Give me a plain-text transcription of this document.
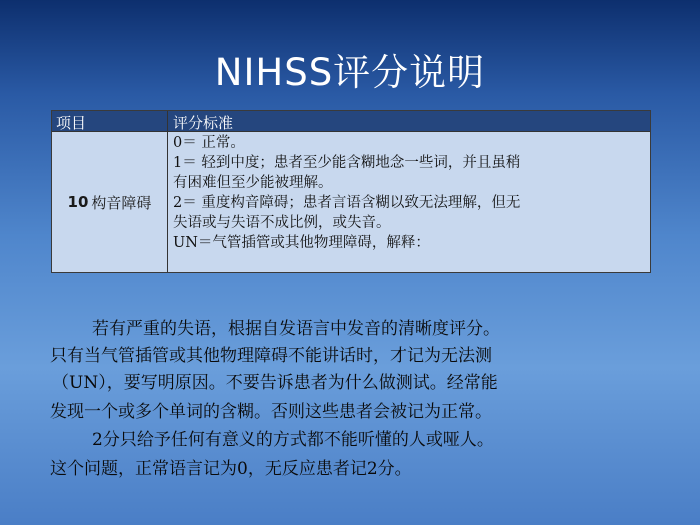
NIHSS评分说明
项目	评分标准
10 构音障碍
0＝ 正常。
1＝ 轻到中度；患者至少能含糊地念一些词，并且虽稍
有困难但至少能被理解。
2＝ 重度构音障碍；患者言语含糊以致无法理解，但无
失语或与失语不成比例，或失音。
UN＝气管插管或其他物理障碍，解释：
若有严重的失语，根据自发语言中发音的清晰度评分。
只有当气管插管或其他物理障碍不能讲话时，才记为无法测
（UN），要写明原因。不要告诉患者为什么做测试。经常能
发现一个或多个单词的含糊。否则这些患者会被记为正常。
2分只给予任何有意义的方式都不能听懂的人或哑人。
这个问题，正常语言记为0，无反应患者记2分。
